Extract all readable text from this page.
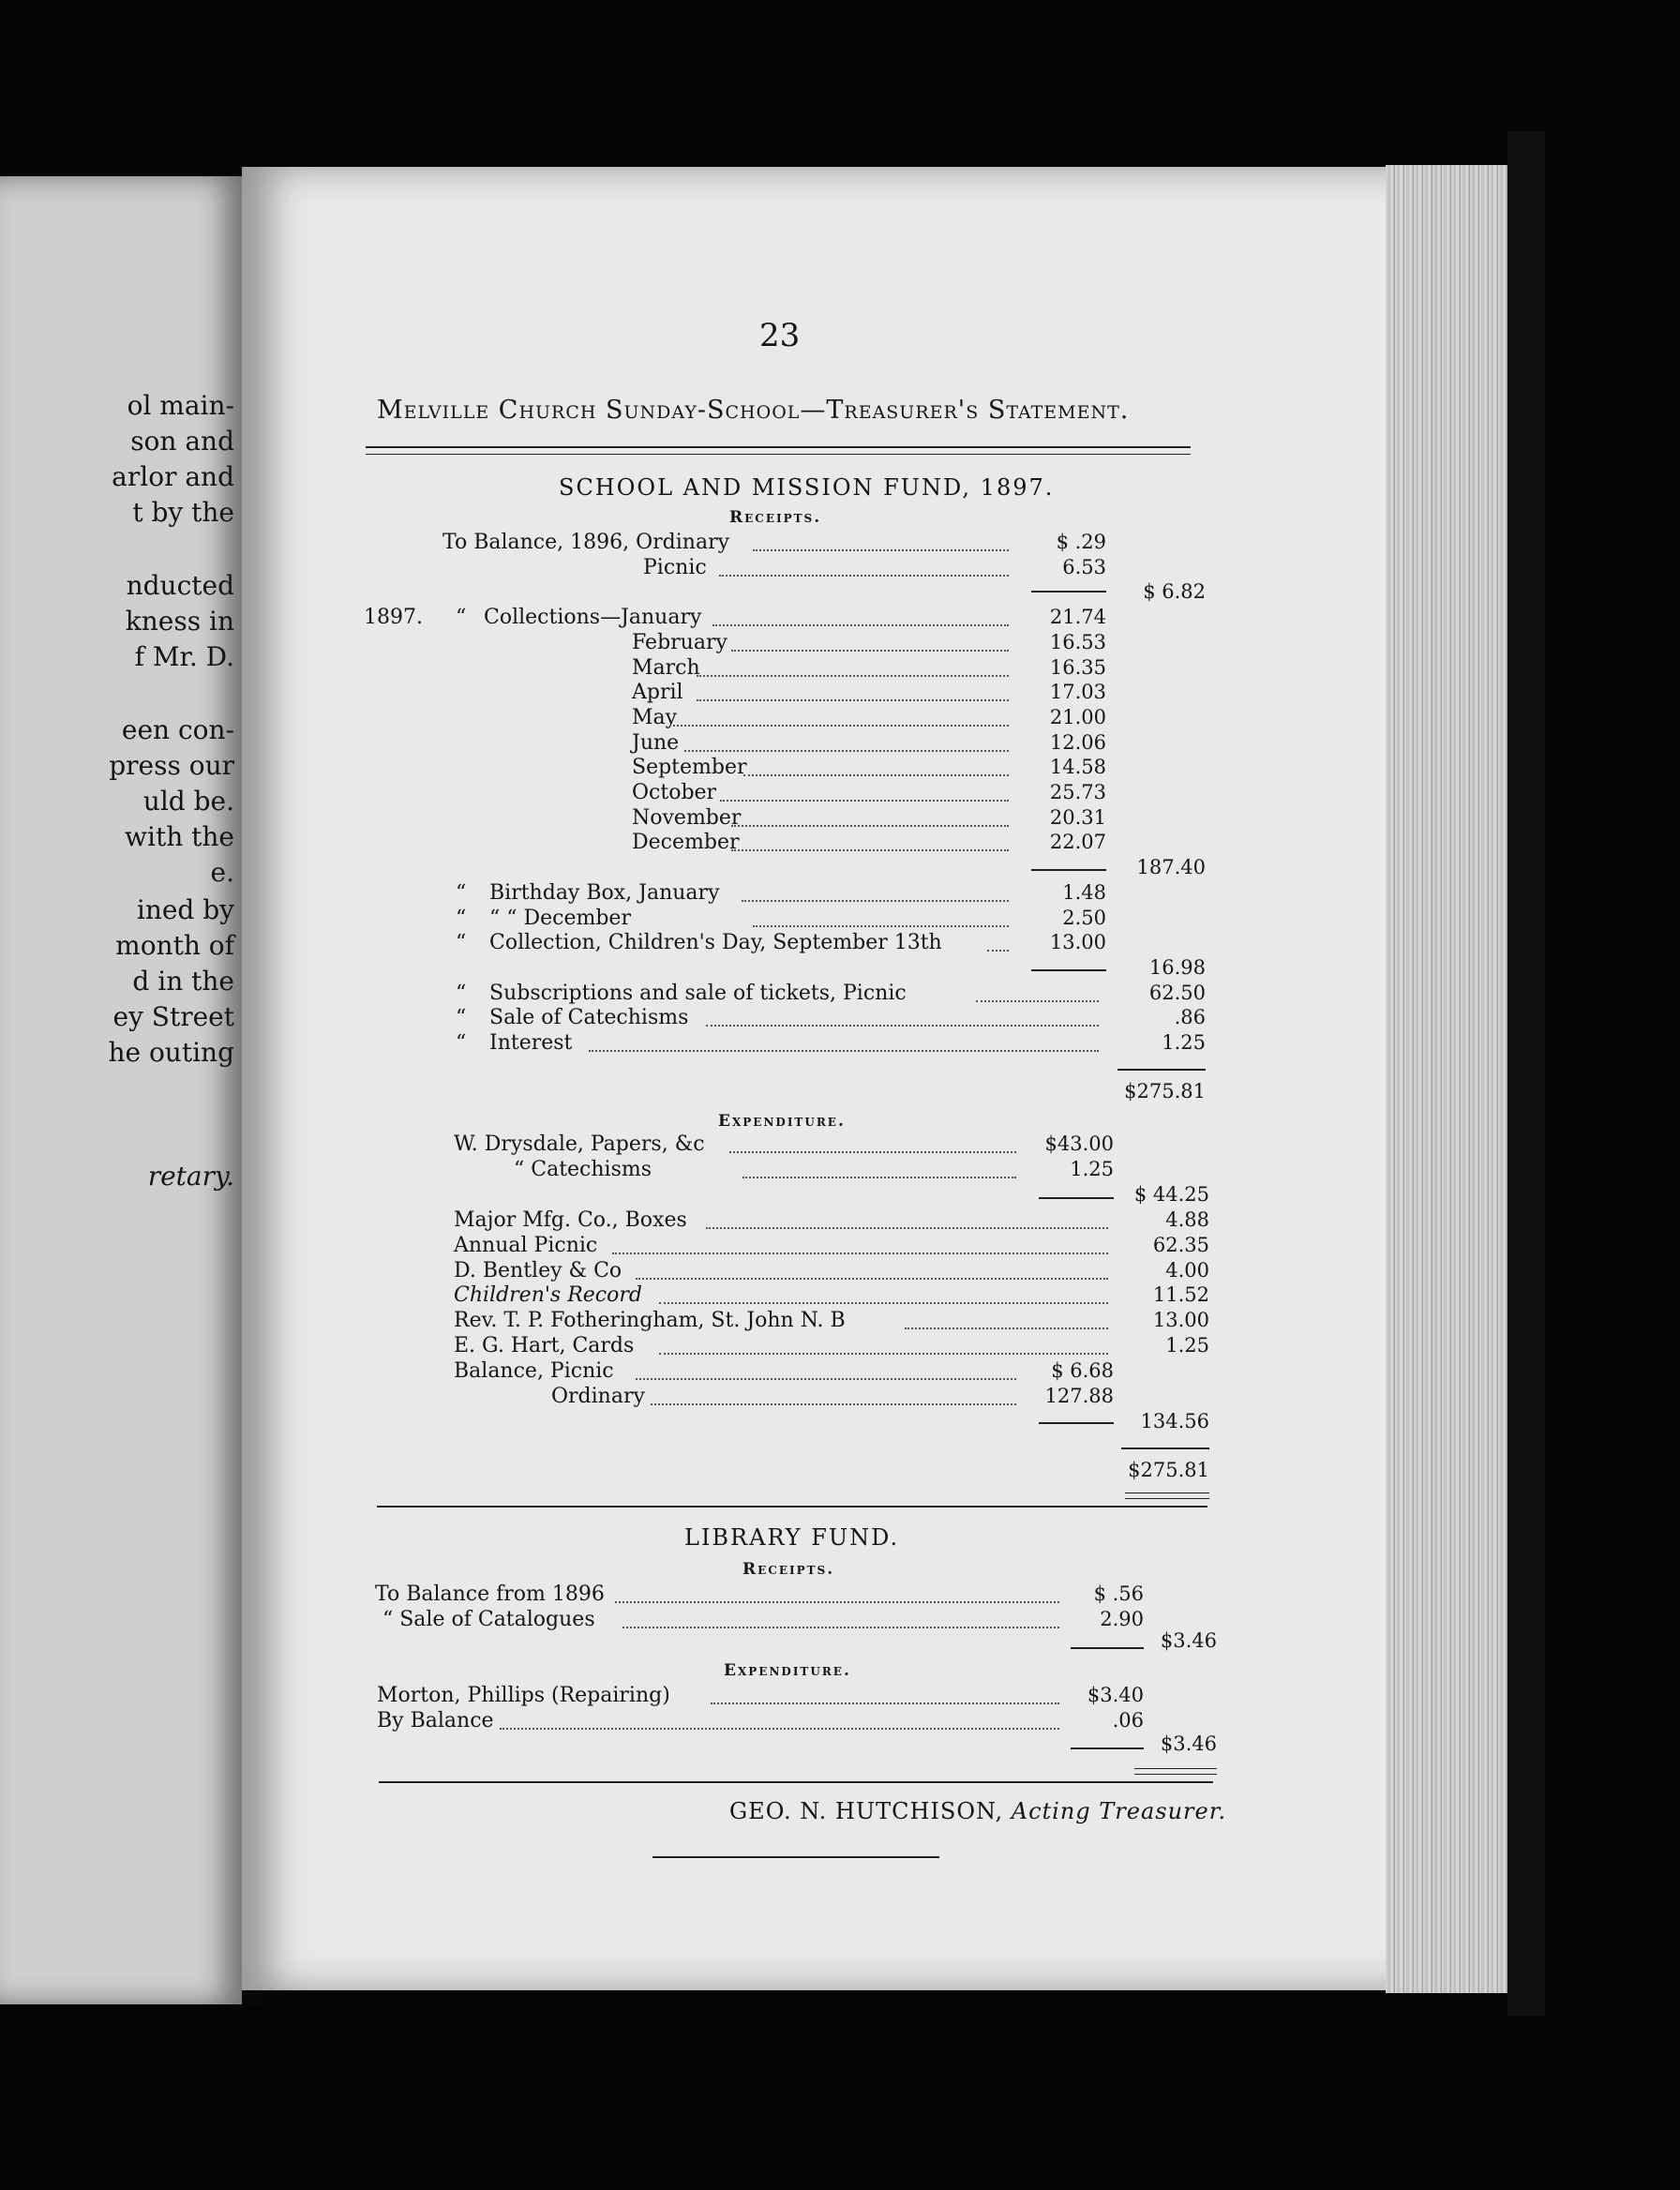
ol main-
son and
arlor and
t by the
nducted
kness in
f Mr. D.
een con-
press our
uld be.
with the
e.
ined by
month of
d in the
ey Street
he outing
retary.
23
Melville Church Sunday-School—Treasurer's Statement.
SCHOOL AND MISSION FUND, 1897.
Receipts.
To Balance, 1896, Ordinary	$ .29
Picnic	6.53
$ 6.82
1897. “ Collections—January	21.74
February	16.53
March	16.35
April	17.03
May	21.00
June	12.06
September	14.58
October	25.73
November	20.31
December	22.07
187.40
“ Birthday Box, January	1.48
“ “ “ December	2.50
“ Collection, Children's Day, September 13th	13.00
16.98
“ Subscriptions and sale of tickets, Picnic	62.50
“ Sale of Catechisms	.86
“ Interest	1.25
$275.81
Expenditure.
W. Drysdale, Papers, &c	$43.00
“ Catechisms	1.25
$ 44.25
Major Mfg. Co., Boxes	4.88
Annual Picnic	62.35
D. Bentley & Co	4.00
Children's Record	11.52
Rev. T. P. Fotheringham, St. John N. B	13.00
E. G. Hart, Cards	1.25
Balance, Picnic	$ 6.68
Ordinary	127.88
134.56
$275.81
LIBRARY FUND.
Receipts.
To Balance from 1896	$ .56
“ Sale of Catalogues	2.90
$3.46
Expenditure.
Morton, Phillips (Repairing)	$3.40
By Balance	.06
$3.46
GEO. N. HUTCHISON, Acting Treasurer.
